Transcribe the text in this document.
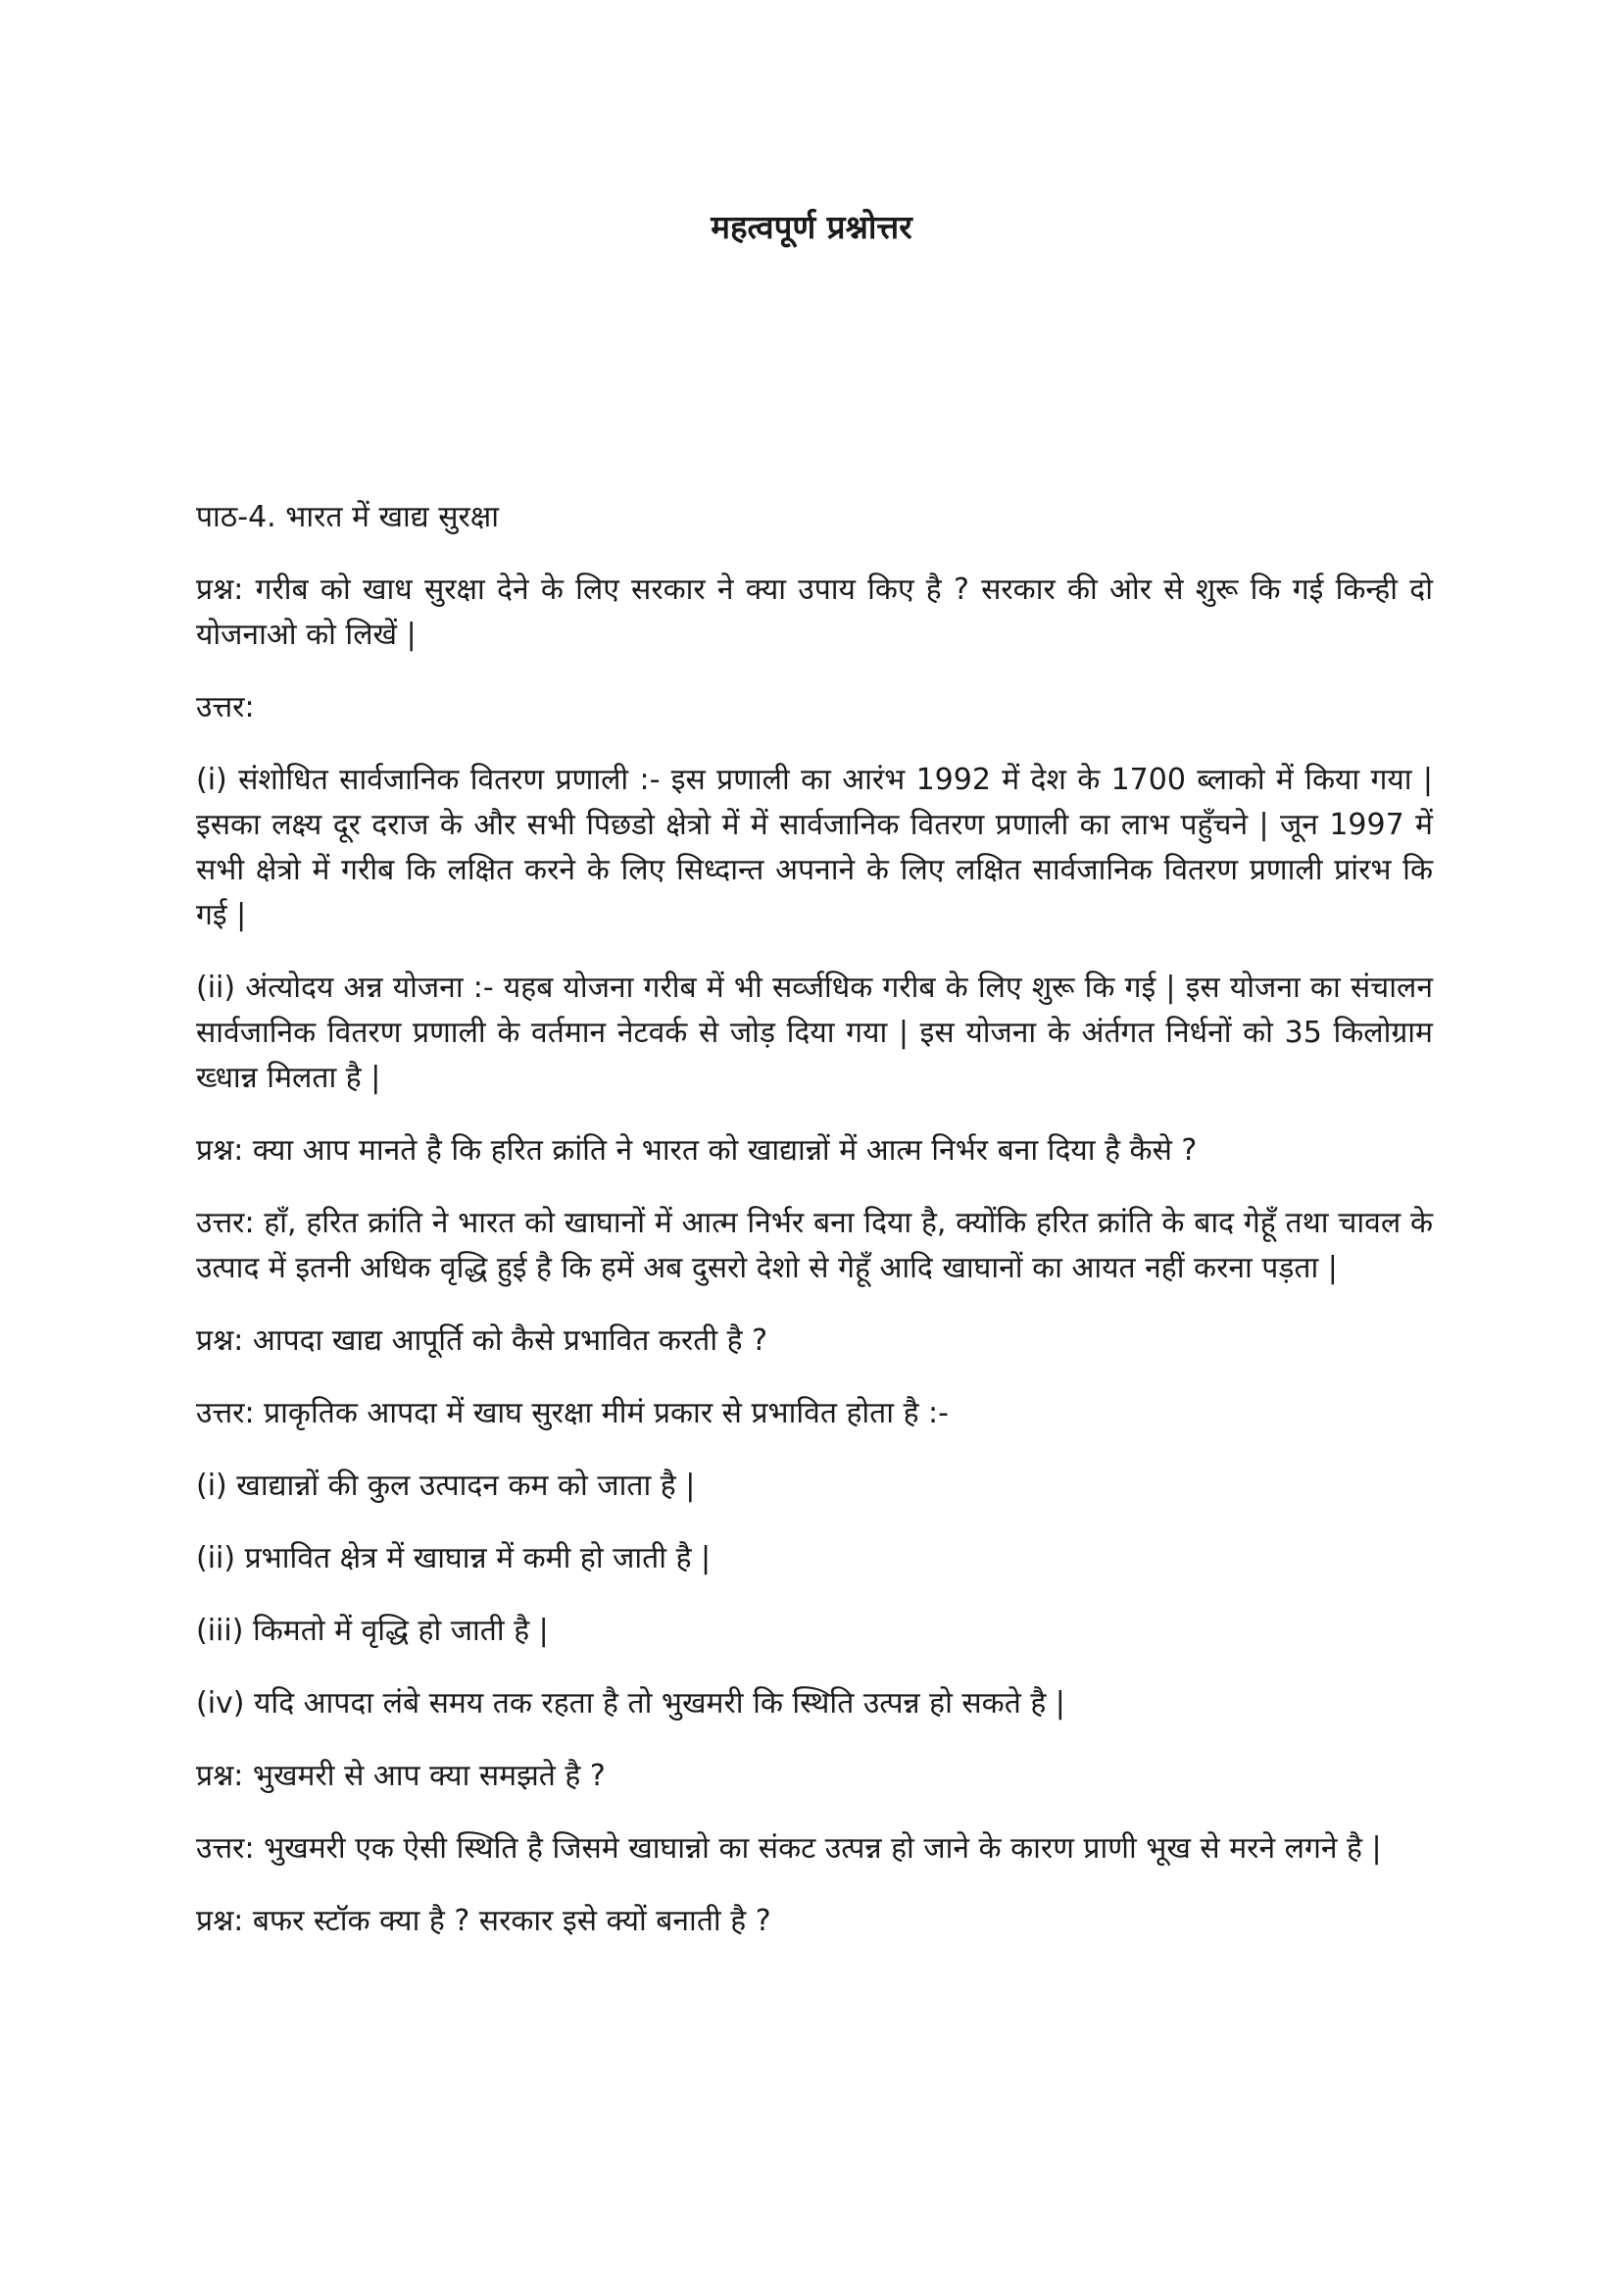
महत्वपूर्ण प्रश्नोत्तर

पाठ-4. भारत में खाद्य सुरक्षा

प्रश्न: गरीब को खाध सुरक्षा देने के लिए सरकार ने क्या उपाय किए है ? सरकार की ओर से शुरू कि गई किन्ही दो योजनाओ को लिखें |

उत्तर:

(i) संशोधित सार्वजानिक वितरण प्रणाली :- इस प्रणाली का आरंभ 1992 में देश के 1700 ब्लाको में किया गया | इसका लक्ष्य दूर दराज के और सभी पिछडो क्षेत्रो में में सार्वजानिक वितरण प्रणाली का लाभ पहुँचने | जून 1997 में सभी क्षेत्रो में गरीब कि लक्षित करने के लिए सिध्दान्त अपनाने के लिए लक्षित सार्वजानिक वितरण प्रणाली प्रांरभ कि गई |

(ii) अंत्योदय अन्न योजना :- यहब योजना गरीब में भी सर्व्जधिक गरीब के लिए शुरू कि गई | इस योजना का संचालन सार्वजानिक वितरण प्रणाली के वर्तमान नेटवर्क से जोड़ दिया गया | इस योजना के अंर्तगत निर्धनों को 35 किलोग्राम ख्धान्न मिलता है |

प्रश्न: क्या आप मानते है कि हरित क्रांति ने भारत को खाद्यान्नों में आत्म निर्भर बना दिया है कैसे ?

उत्तर: हाँ, हरित क्रांति ने भारत को खाघानों में आत्म निर्भर बना दिया है, क्योंकि हरित क्रांति के बाद गेहूँ तथा चावल के उत्पाद में इतनी अधिक वृद्धि हुई है कि हमें अब दुसरो देशो से गेहूँ आदि खाघानों का आयत नहीं करना पड़ता |

प्रश्न: आपदा खाद्य आपूर्ति को कैसे प्रभावित करती है ?

उत्तर: प्राकृतिक आपदा में खाघ सुरक्षा मीमं प्रकार से प्रभावित होता है :-

(i) खाद्यान्नों की कुल उत्पादन कम को जाता है |

(ii) प्रभावित क्षेत्र में खाघान्न में कमी हो जाती है |

(iii) किमतो में वृद्धि हो जाती है |

(iv) यदि आपदा लंबे समय तक रहता है तो भुखमरी कि स्थिति उत्पन्न हो सकते है |

प्रश्न: भुखमरी से आप क्या समझते है ?

उत्तर: भुखमरी एक ऐसी स्थिति है जिसमे खाघान्नो का संकट उत्पन्न हो जाने के कारण प्राणी भूख से मरने लगने है |

प्रश्न: बफर स्टॉक क्या है ? सरकार इसे क्यों बनाती है ?
